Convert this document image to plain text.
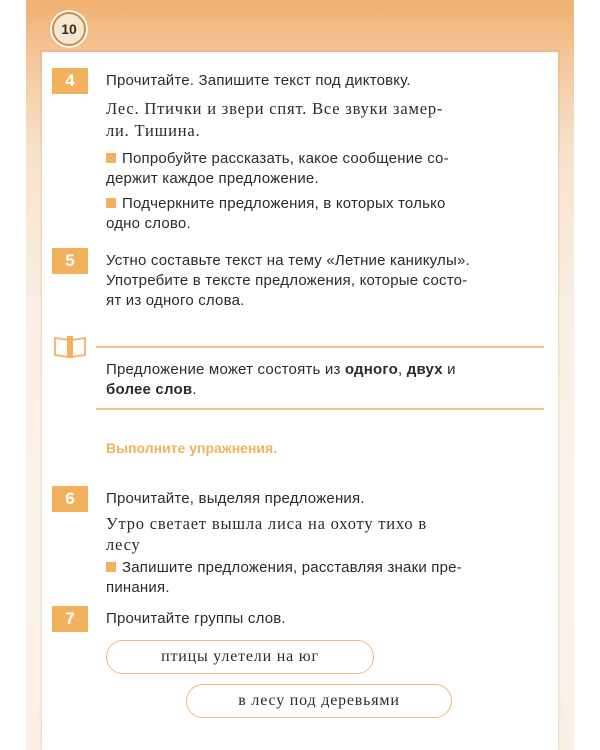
10
4	Прочитайте. Запишите текст под диктовку.
Лес. Птички и звери спят. Все звуки замер-
ли. Тишина.
Попробуйте рассказать, какое сообщение со-
держит каждое предложение.
Подчеркните предложения, в которых только
одно слово.
5	Устно составьте текст на тему «Летние каникулы».
Употребите в тексте предложения, которые состо-
ят из одного слова.
Предложение может состоять из одного, двух и
более слов.
Выполните упражнения.
6	Прочитайте, выделяя предложения.
Утро светает вышла лиса на охоту тихо в
лесу
Запишите предложения, расставляя знаки пре-
пинания.
7	Прочитайте группы слов.
птицы улетели на юг
в лесу под деревьями
